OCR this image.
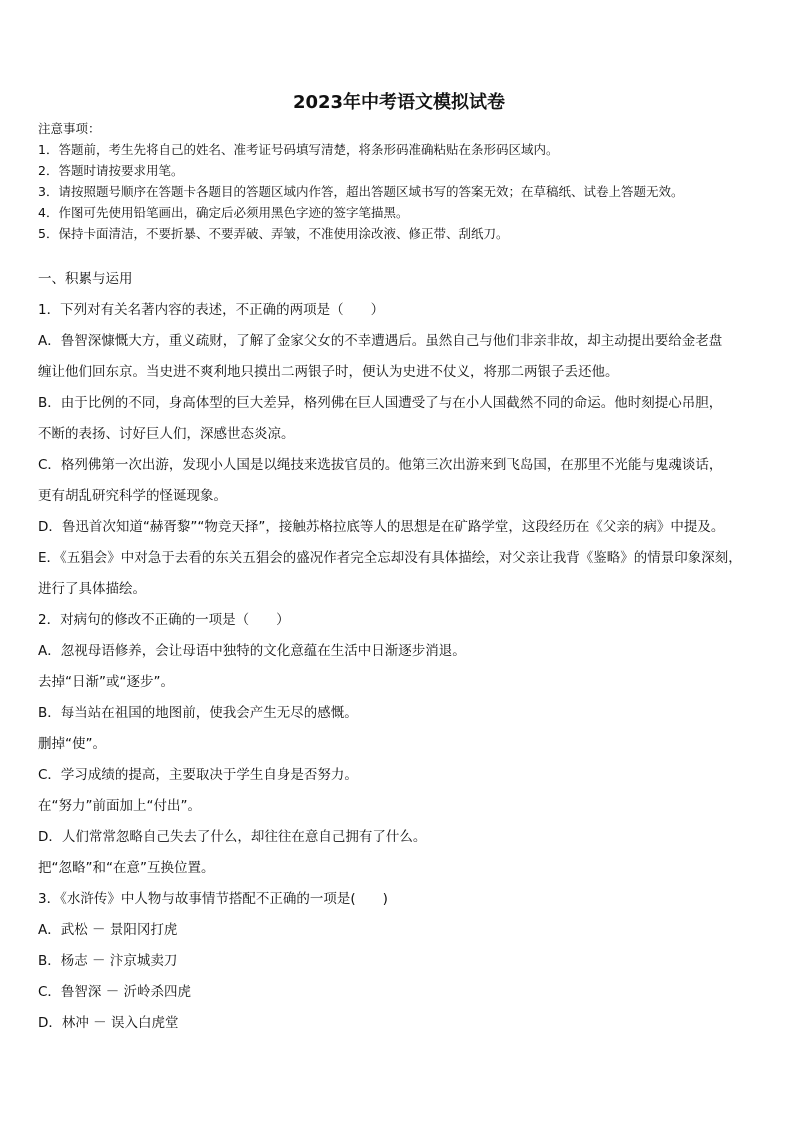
2023年中考语文模拟试卷
注意事项：
1．答题前，考生先将自己的姓名、准考证号码填写清楚，将条形码准确粘贴在条形码区域内。
2．答题时请按要求用笔。
3．请按照题号顺序在答题卡各题目的答题区域内作答，超出答题区域书写的答案无效；在草稿纸、试卷上答题无效。
4．作图可先使用铅笔画出，确定后必须用黑色字迹的签字笔描黑。
5．保持卡面清洁，不要折暴、不要弄破、弄皱，不准使用涂改液、修正带、刮纸刀。
一、积累与运用
1．下列对有关名著内容的表述，不正确的两项是（　　）
A．鲁智深慷慨大方，重义疏财，了解了金家父女的不幸遭遇后。虽然自己与他们非亲非故，却主动提出要给金老盘
缠让他们回东京。当史进不爽利地只摸出二两银子时，便认为史进不仗义，将那二两银子丢还他。
B．由于比例的不同，身高体型的巨大差异，格列佛在巨人国遭受了与在小人国截然不同的命运。他时刻提心吊胆，
不断的表扬、讨好巨人们，深感世态炎凉。
C．格列佛第一次出游，发现小人国是以绳技来选拔官员的。他第三次出游来到飞岛国，在那里不光能与鬼魂谈话，
更有胡乱研究科学的怪诞现象。
D．鲁迅首次知道“赫胥黎”“物竞天择”，接触苏格拉底等人的思想是在矿路学堂，这段经历在《父亲的病》中提及。
E．《五猖会》中对急于去看的东关五猖会的盛况作者完全忘却没有具体描绘，对父亲让我背《鉴略》的情景印象深刻，
进行了具体描绘。
2．对病句的修改不正确的一项是（　　）
A．忽视母语修养，会让母语中独特的文化意蕴在生活中日渐逐步消退。
去掉“日渐”或“逐步”。
B．每当站在祖国的地图前，使我会产生无尽的感慨。
删掉“使”。
C．学习成绩的提高，主要取决于学生自身是否努力。
在“努力”前面加上“付出”。
D．人们常常忽略自己失去了什么，却往往在意自己拥有了什么。
把“忽略”和“在意”互换位置。
3．《水浒传》中人物与故事情节搭配不正确的一项是(　　)
A．武松 － 景阳冈打虎
B．杨志 － 汴京城卖刀
C．鲁智深 － 沂岭杀四虎
D．林冲 － 误入白虎堂
